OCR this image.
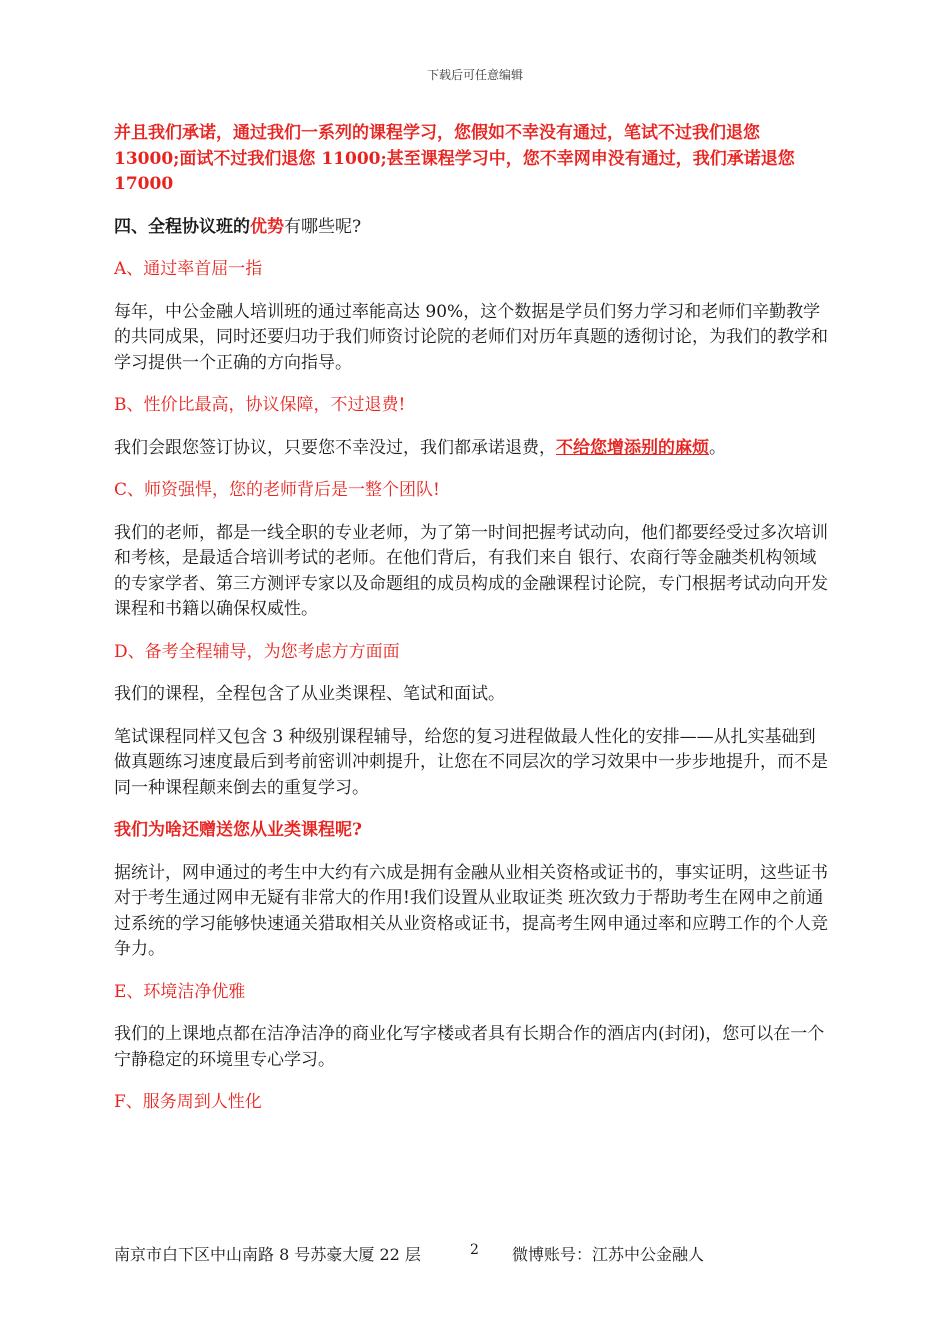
下载后可任意编辑

并且我们承诺，通过我们一系列的课程学习，您假如不幸没有通过，笔试不过我们退您 13000;面试不过我们退您 11000;甚至课程学习中，您不幸网申没有通过，我们承诺退您 17000

四、全程协议班的优势有哪些呢?

A、通过率首屈一指

每年，中公金融人培训班的通过率能高达 90%，这个数据是学员们努力学习和老师们辛勤教学的共同成果，同时还要归功于我们师资讨论院的老师们对历年真题的透彻讨论，为我们的教学和学习提供一个正确的方向指导。

B、性价比最高，协议保障，不过退费!

我们会跟您签订协议，只要您不幸没过，我们都承诺退费，不给您增添别的麻烦。

C、师资强悍，您的老师背后是一整个团队!

我们的老师，都是一线全职的专业老师，为了第一时间把握考试动向，他们都要经受过多次培训和考核，是最适合培训考试的老师。在他们背后，有我们来自 银行、农商行等金融类机构领域的专家学者、第三方测评专家以及命题组的成员构成的金融课程讨论院，专门根据考试动向开发课程和书籍以确保权威性。

D、备考全程辅导，为您考虑方方面面

我们的课程，全程包含了从业类课程、笔试和面试。

笔试课程同样又包含 3 种级别课程辅导，给您的复习进程做最人性化的安排——从扎实基础到做真题练习速度最后到考前密训冲刺提升，让您在不同层次的学习效果中一步步地提升，而不是同一种课程颠来倒去的重复学习。

我们为啥还赠送您从业类课程呢?

据统计，网申通过的考生中大约有六成是拥有金融从业相关资格或证书的，事实证明，这些证书对于考生通过网申无疑有非常大的作用!我们设置从业取证类 班次致力于帮助考生在网申之前通过系统的学习能够快速通关猎取相关从业资格或证书，提高考生网申通过率和应聘工作的个人竞争力。

E、环境洁净优雅

我们的上课地点都在洁净洁净的商业化写字楼或者具有长期合作的酒店内(封闭)，您可以在一个宁静稳定的环境里专心学习。

F、服务周到人性化

南京市白下区中山南路 8 号苏豪大厦 22 层	2 微博账号：江苏中公金融人
